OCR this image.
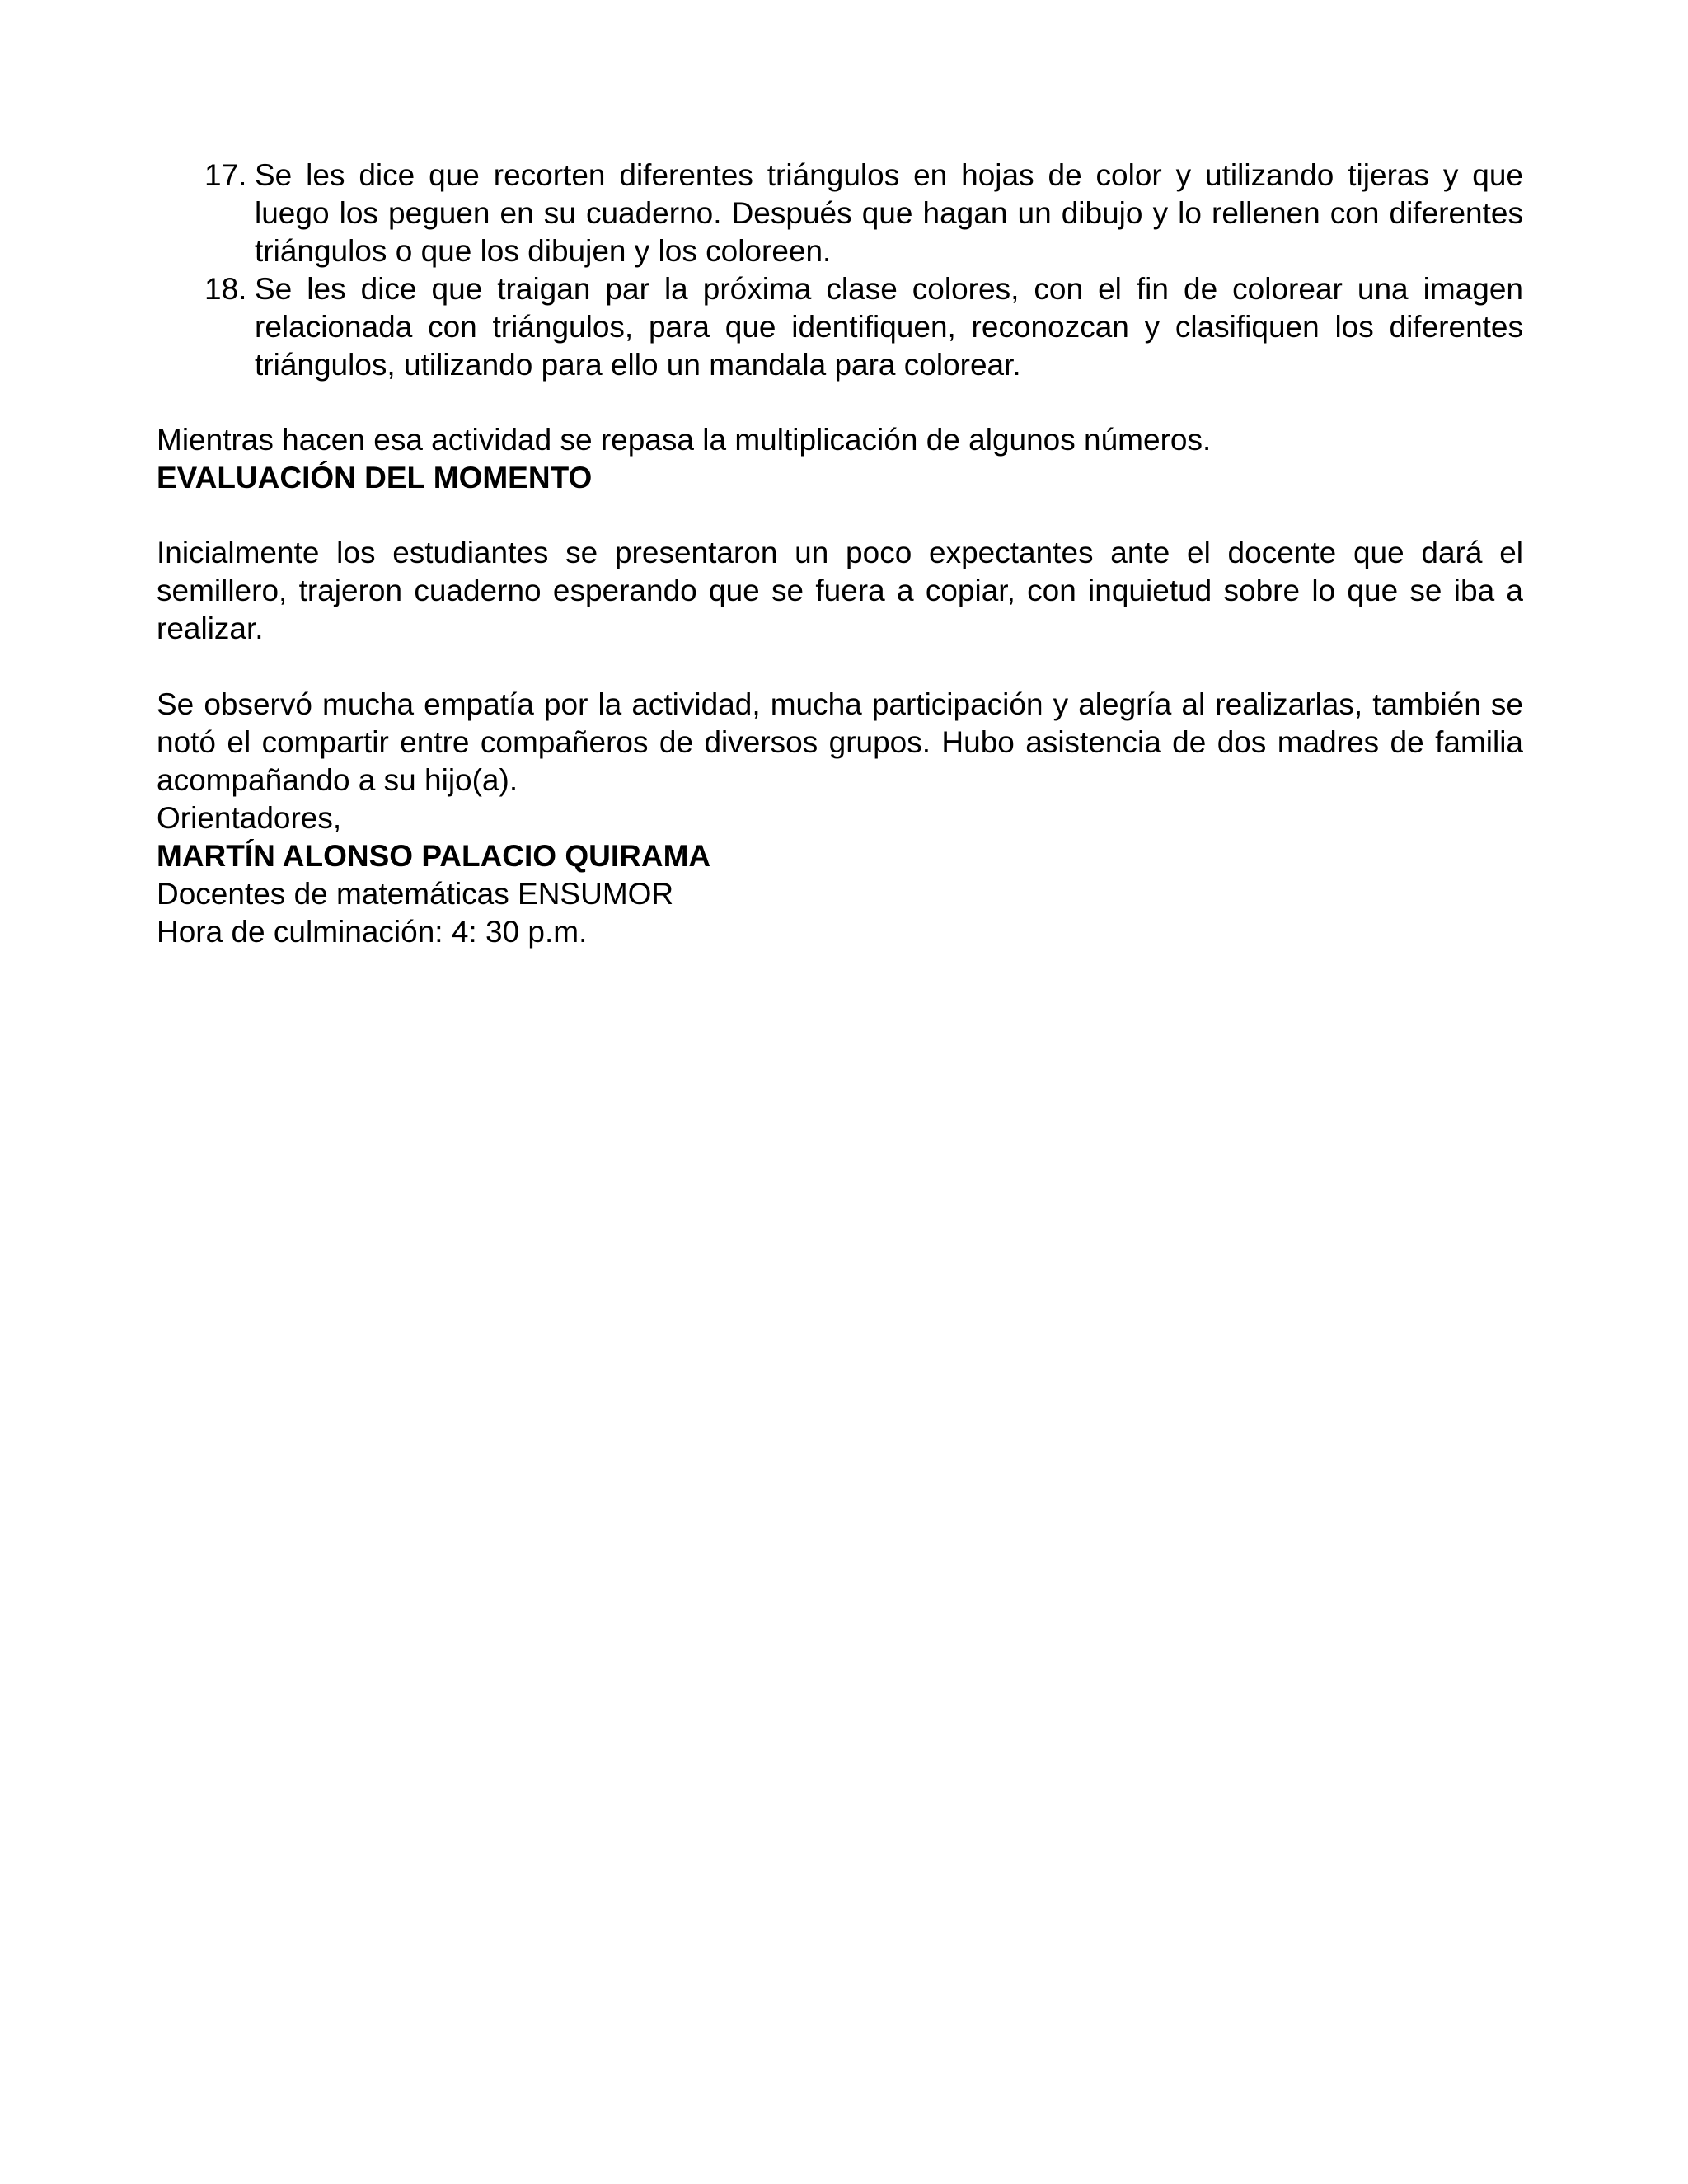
17. Se les dice que recorten diferentes triángulos en hojas de color y utilizando tijeras y que luego los peguen en su cuaderno. Después que hagan un dibujo y lo rellenen con diferentes triángulos o que los dibujen y los coloreen.
18. Se les dice que traigan par la próxima clase colores, con el fin de colorear una imagen relacionada con triángulos, para que identifiquen, reconozcan y clasifiquen los diferentes triángulos, utilizando para ello un mandala para colorear.

Mientras hacen esa actividad se repasa la multiplicación de algunos números.

EVALUACIÓN DEL MOMENTO

Inicialmente los estudiantes se presentaron un poco expectantes ante el docente que dará el semillero, trajeron cuaderno esperando que se fuera a copiar, con inquietud sobre lo que se iba a realizar.

Se observó mucha empatía por la actividad, mucha participación y alegría al realizarlas, también se notó el compartir entre compañeros de diversos grupos. Hubo asistencia de dos madres de familia acompañando a su hijo(a).

Orientadores,

MARTÍN ALONSO PALACIO QUIRAMA

Docentes de matemáticas ENSUMOR

Hora de culminación: 4: 30 p.m.
